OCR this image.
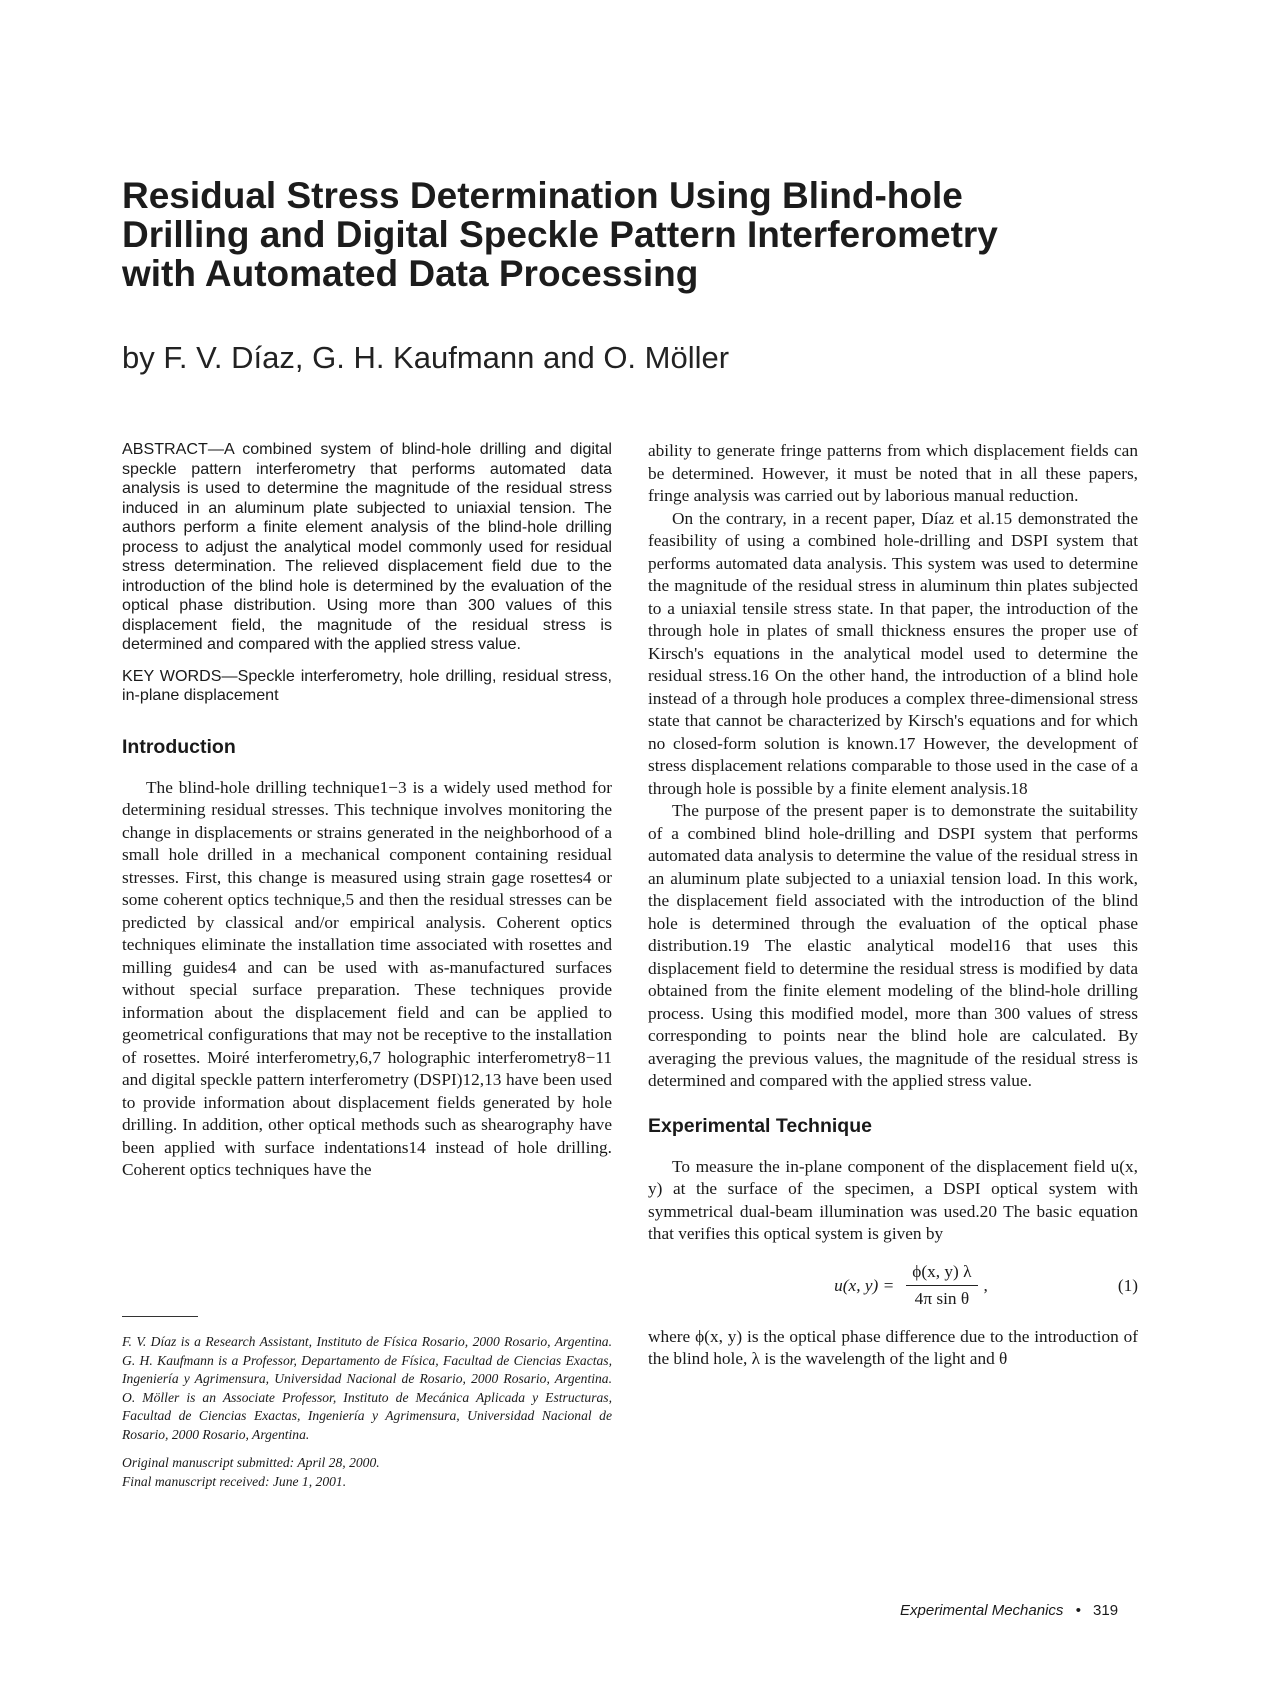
Residual Stress Determination Using Blind-hole
Drilling and Digital Speckle Pattern Interferometry
with Automated Data Processing

by F. V. Díaz, G. H. Kaufmann and O. Möller

ABSTRACT—A combined system of blind-hole drilling and digital speckle pattern interferometry that performs automated data analysis is used to determine the magnitude of the residual stress induced in an aluminum plate subjected to uniaxial tension. The authors perform a finite element analysis of the blind-hole drilling process to adjust the analytical model commonly used for residual stress determination. The relieved displacement field due to the introduction of the blind hole is determined by the evaluation of the optical phase distribution. Using more than 300 values of this displacement field, the magnitude of the residual stress is determined and compared with the applied stress value.

KEY WORDS—Speckle interferometry, hole drilling, residual stress, in-plane displacement

Introduction

The blind-hole drilling technique1−3 is a widely used method for determining residual stresses. This technique involves monitoring the change in displacements or strains generated in the neighborhood of a small hole drilled in a mechanical component containing residual stresses. First, this change is measured using strain gage rosettes4 or some coherent optics technique,5 and then the residual stresses can be predicted by classical and/or empirical analysis. Coherent optics techniques eliminate the installation time associated with rosettes and milling guides4 and can be used with as-manufactured surfaces without special surface preparation. These techniques provide information about the displacement field and can be applied to geometrical configurations that may not be receptive to the installation of rosettes. Moiré interferometry,6,7 holographic interferometry8−11 and digital speckle pattern interferometry (DSPI)12,13 have been used to provide information about displacement fields generated by hole drilling. In addition, other optical methods such as shearography have been applied with surface indentations14 instead of hole drilling. Coherent optics techniques have the

F. V. Díaz is a Research Assistant, Instituto de Física Rosario, 2000 Rosario, Argentina. G. H. Kaufmann is a Professor, Departamento de Física, Facultad de Ciencias Exactas, Ingeniería y Agrimensura, Universidad Nacional de Rosario, 2000 Rosario, Argentina. O. Möller is an Associate Professor, Instituto de Mecánica Aplicada y Estructuras, Facultad de Ciencias Exactas, Ingeniería y Agrimensura, Universidad Nacional de Rosario, 2000 Rosario, Argentina.

Original manuscript submitted: April 28, 2000.

Final manuscript received: June 1, 2001.

ability to generate fringe patterns from which displacement fields can be determined. However, it must be noted that in all these papers, fringe analysis was carried out by laborious manual reduction.

On the contrary, in a recent paper, Díaz et al.15 demonstrated the feasibility of using a combined hole-drilling and DSPI system that performs automated data analysis. This system was used to determine the magnitude of the residual stress in aluminum thin plates subjected to a uniaxial tensile stress state. In that paper, the introduction of the through hole in plates of small thickness ensures the proper use of Kirsch's equations in the analytical model used to determine the residual stress.16 On the other hand, the introduction of a blind hole instead of a through hole produces a complex three-dimensional stress state that cannot be characterized by Kirsch's equations and for which no closed-form solution is known.17 However, the development of stress displacement relations comparable to those used in the case of a through hole is possible by a finite element analysis.18

The purpose of the present paper is to demonstrate the suitability of a combined blind hole-drilling and DSPI system that performs automated data analysis to determine the value of the residual stress in an aluminum plate subjected to a uniaxial tension load. In this work, the displacement field associated with the introduction of the blind hole is determined through the evaluation of the optical phase distribution.19 The elastic analytical model16 that uses this displacement field to determine the residual stress is modified by data obtained from the finite element modeling of the blind-hole drilling process. Using this modified model, more than 300 values of stress corresponding to points near the blind hole are calculated. By averaging the previous values, the magnitude of the residual stress is determined and compared with the applied stress value.

Experimental Technique

To measure the in-plane component of the displacement field u(x, y) at the surface of the specimen, a DSPI optical system with symmetrical dual-beam illumination was used.20 The basic equation that verifies this optical system is given by

u(x, $y) = \frac{\phi(x, y) \lambda}{\text{4π sin θ}}$ ,	(1)

where ϕ(x, y) is the optical phase difference due to the introduction of the blind hole, λ is the wavelength of the light and θ

Experimental Mechanics • 319
